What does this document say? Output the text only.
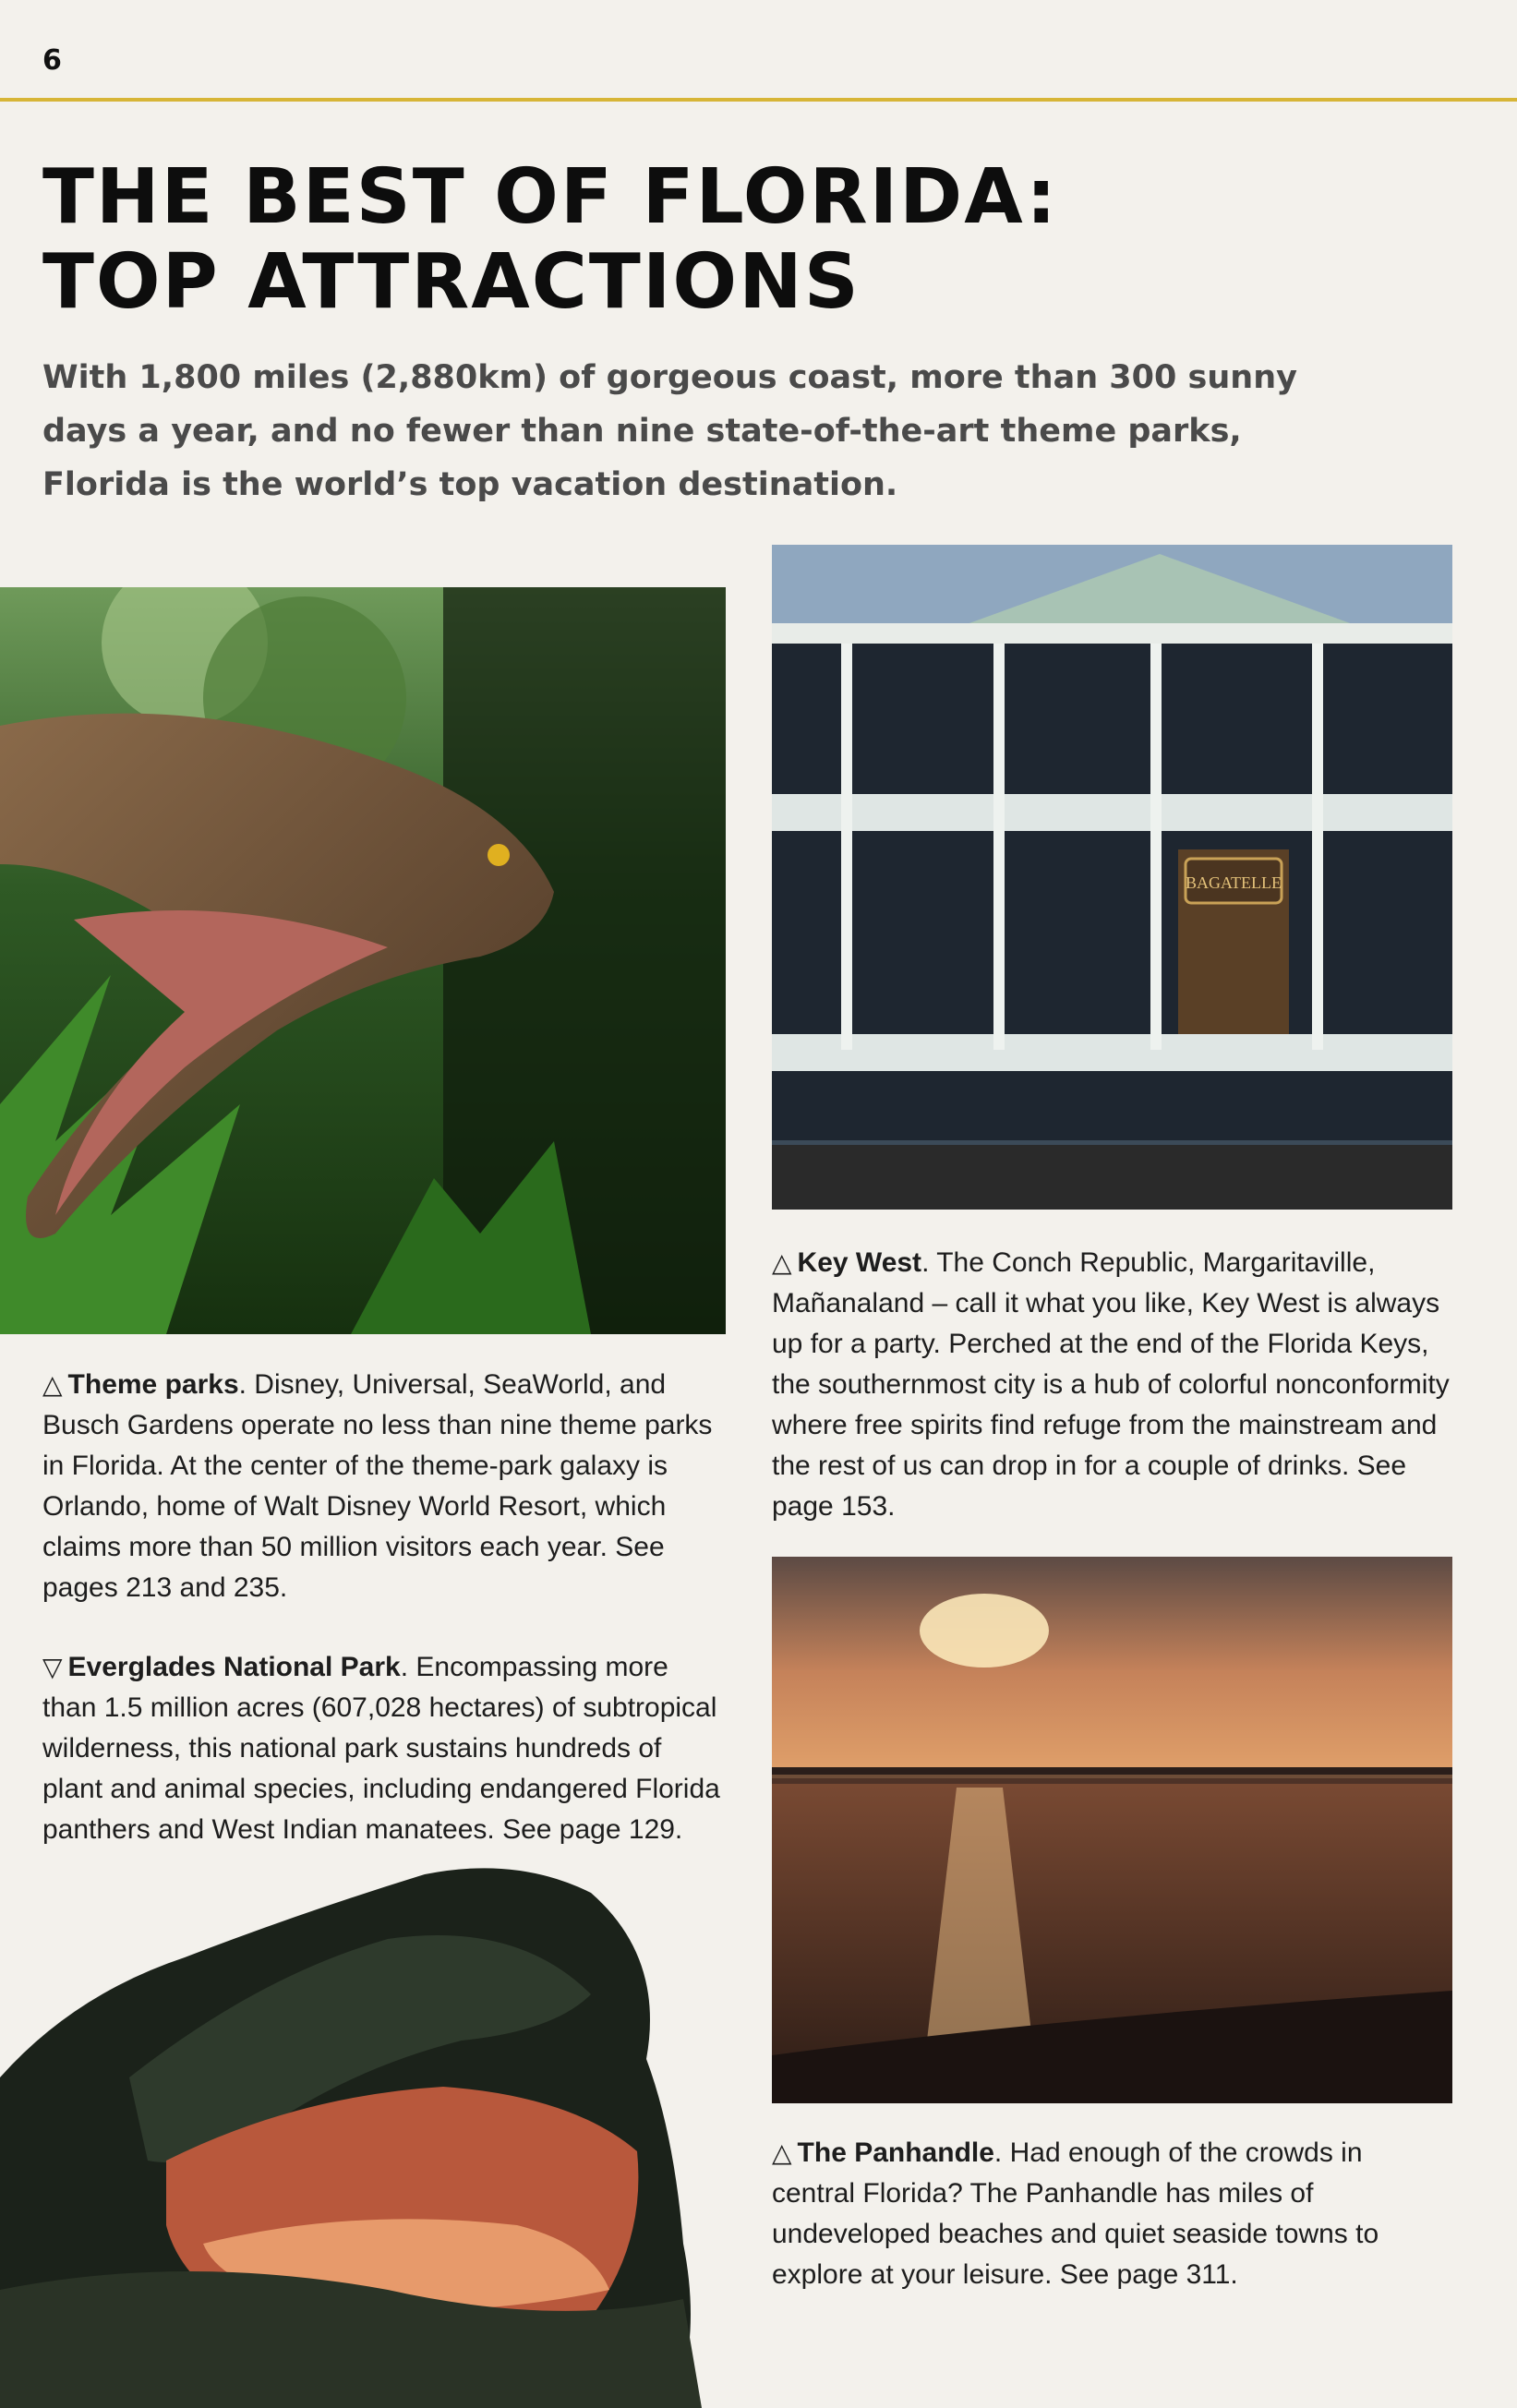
6
THE BEST OF FLORIDA:
TOP ATTRACTIONS

With 1,800 miles (2,880km) of gorgeous coast, more than 300 sunny days a year, and no fewer than nine state-of-the-art theme parks, Florida is the world’s top vacation destination.

BAGATELLE

△ Theme parks. Disney, Universal, SeaWorld, and Busch Gardens operate no less than nine theme parks in Florida. At the center of the theme-park galaxy is Orlando, home of Walt Disney World Resort, which claims more than 50 million visitors each year. See pages 213 and 235.

▽ Everglades National Park. Encompassing more than 1.5 million acres (607,028 hectares) of subtropical wilderness, this national park sustains hundreds of plant and animal species, including endangered Florida panthers and West Indian manatees. See page 129.

△ Key West. The Conch Republic, Margaritaville, Mañanaland – call it what you like, Key West is always up for a party. Perched at the end of the Florida Keys, the southernmost city is a hub of colorful nonconformity where free spirits find refuge from the mainstream and the rest of us can drop in for a couple of drinks. See page 153.

△ The Panhandle. Had enough of the crowds in central Florida? The Panhandle has miles of undeveloped beaches and quiet seaside towns to explore at your leisure. See page 311.
